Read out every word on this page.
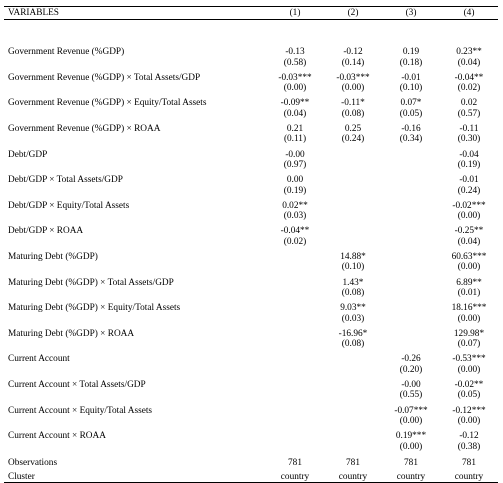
VARIABLES	(1)	(2)	(3)	(4)

Government Revenue (%GDP)	-0.13	-0.12	0.19	0.23**
	(0.58)	(0.14)	(0.18)	(0.04)
Government Revenue (%GDP) × Total Assets/GDP	-0.03***	-0.03***	-0.01	-0.04**
	(0.00)	(0.00)	(0.10)	(0.02)
Government Revenue (%GDP) × Equity/Total Assets	-0.09**	-0.11*	0.07*	0.02
	(0.04)	(0.08)	(0.05)	(0.57)
Government Revenue (%GDP) × ROAA	0.21	0.25	-0.16	-0.11
	(0.11)	(0.24)	(0.34)	(0.30)
Debt/GDP	-0.00			-0.04
	(0.97)			(0.19)
Debt/GDP × Total Assets/GDP	0.00			-0.01
	(0.19)			(0.24)
Debt/GDP × Equity/Total Assets	0.02**			-0.02***
	(0.03)			(0.00)
Debt/GDP × ROAA	-0.04**			-0.25**
	(0.02)			(0.04)
Maturing Debt (%GDP)		14.88*		60.63***
		(0.10)		(0.00)
Maturing Debt (%GDP) × Total Assets/GDP		1.43*		6.89**
		(0.08)		(0.01)
Maturing Debt (%GDP) × Equity/Total Assets		9.03**		18.16***
		(0.03)		(0.00)
Maturing Debt (%GDP) × ROAA		-16.96*		129.98*
		(0.08)		(0.07)
Current Account			-0.26	-0.53***
			(0.20)	(0.00)
Current Account × Total Assets/GDP			-0.00	-0.02**
			(0.55)	(0.05)
Current Account × Equity/Total Assets			-0.07***	-0.12***
			(0.00)	(0.00)
Current Account × ROAA			0.19***	-0.12
			(0.00)	(0.38)
Observations	781	781	781	781
Cluster	country	country	country	country
